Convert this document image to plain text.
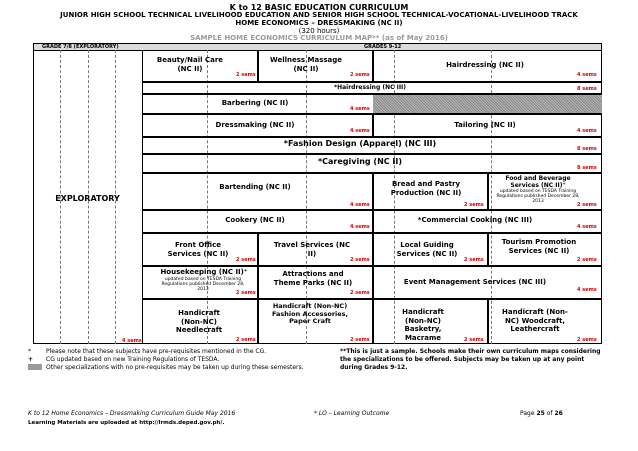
K to 12 BASIC EDUCATION CURRICULUM
JUNIOR HIGH SCHOOL TECHNICAL LIVELIHOOD EDUCATION AND SENIOR HIGH SCHOOL TECHNICAL-VOCATIONAL-LIVELIHOOD TRACK
HOME ECONOMICS – DRESSMAKING (NC II)
(320 hours)
SAMPLE HOME ECONOMICS CURRICULUM MAP** (as of May 2016)
GRADE 7/8 (EXPLORATORY)	GRADES 9-12
EXPLORATORY
4 sems
Beauty/Nail Care (NC II)
2 sems
Wellness Massage (NC II)
2 sems
Hairdressing (NC II)
4 sems
*Hairdressing (NC III)	8 sems
Barbering (NC II)
4 sems
Dressmaking (NC II)
4 sems
Tailoring (NC II)
4 sems
*Fashion Design (Apparel) (NC III)
8 sems
*Caregiving (NC II)
8 sems
Bartending (NC II)
4 sems
Bread and Pastry Production (NC II)
2 sems
Food and Beverage Services (NC II)⁺
updated based on TESDA Training Regulations published December 28, 2013
2 sems
Cookery (NC II)
4 sems
*Commercial Cooking (NC III)
4 sems
Front Office Services (NC II)
2 sems
Travel Services (NC II)
2 sems
Local Guiding Services (NC II)
2 sems
Tourism Promotion Services (NC II)
2 sems
Housekeeping (NC II)⁺
updated based on TESDA Training Regulations published December 28, 2013
2 sems
Attractions and Theme Parks (NC II)
2 sems
Event Management Services (NC III)
4 sems
Handicraft (Non-NC) Needlecraft
2 sems
Handicraft (Non-NC) Fashion Accessories, Paper Craft
2 sems
Handicraft (Non-NC) Basketry, Macrame	2 sems
Handicraft (Non-NC) Woodcraft, Leathercraft
2 sems
*	Please note that these subjects have pre-requisites mentioned in the CG.
+ CG updated based on new Training Regulations of TESDA.
Other specializations with no pre-requisites may be taken up during these semesters.
**This is just a sample. Schools make their own curriculum maps considering the specializations to be offered. Subjects may be taken up at any point during Grades 9-12.
K to 12 Home Economics – Dressmaking Curriculum Guide May 2016	* LO – Learning Outcome	Page 25 of 26
Learning Materials are uploaded at http://lrmds.deped.gov.ph/.
